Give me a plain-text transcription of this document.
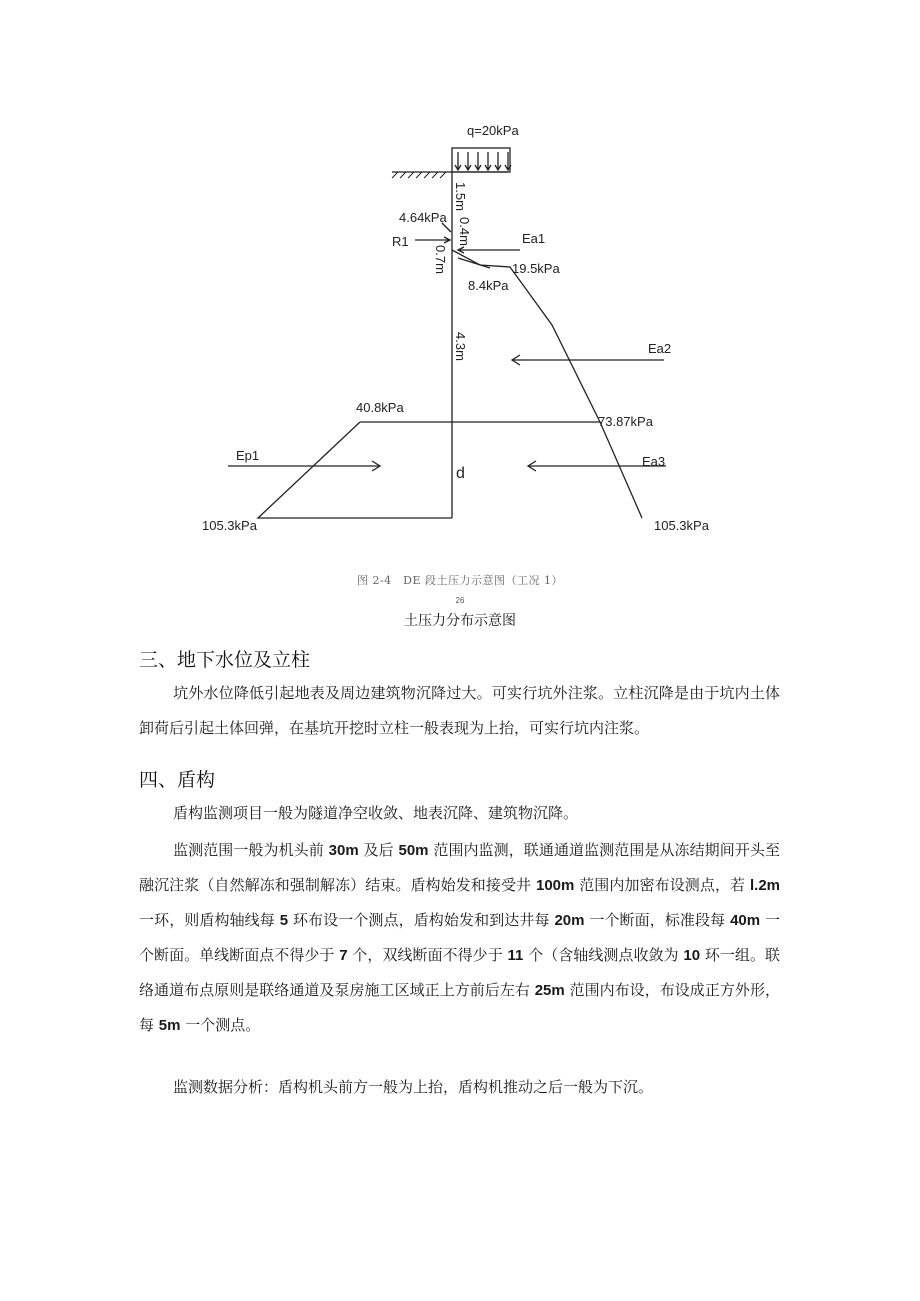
q=20kPa
4.64kPa
R1	Ea1
19.5kPa
8.4kPa
Ea2
40.8kPa
73.87kPa
Ep1	Ea3
d
105.3kPa	105.3kPa
1.5m
0.4m
0.7m
4.3m
图 2-4　DE 段土压力示意图（工况 1）
26
土压力分布示意图
三、地下水位及立柱
坑外水位降低引起地表及周边建筑物沉降过大。可实行坑外注浆。立柱沉降是由于坑内土体卸荷后引起土体回弹，在基坑开挖时立柱一般表现为上抬，可实行坑内注浆。
四、盾构
盾构监测项目一般为隧道净空收敛、地表沉降、建筑物沉降。
监测范围一般为机头前 30m 及后 50m 范围内监测，联通通道监测范围是从冻结期间开头至融沉注浆（自然解冻和强制解冻）结束。盾构始发和接受井 100m 范围内加密布设测点，若 l.2m 一环，则盾构轴线每 5 环布设一个测点，盾构始发和到达井每 20m 一个断面，标准段每 40m 一个断面。单线断面点不得少于 7 个，双线断面不得少于 11 个（含轴线测点收敛为 10 环一组。联络通道布点原则是联络通道及泵房施工区域正上方前后左右 25m 范围内布设，布设成正方外形，每 5m 一个测点。
监测数据分析：盾构机头前方一般为上抬，盾构机推动之后一般为下沉。
